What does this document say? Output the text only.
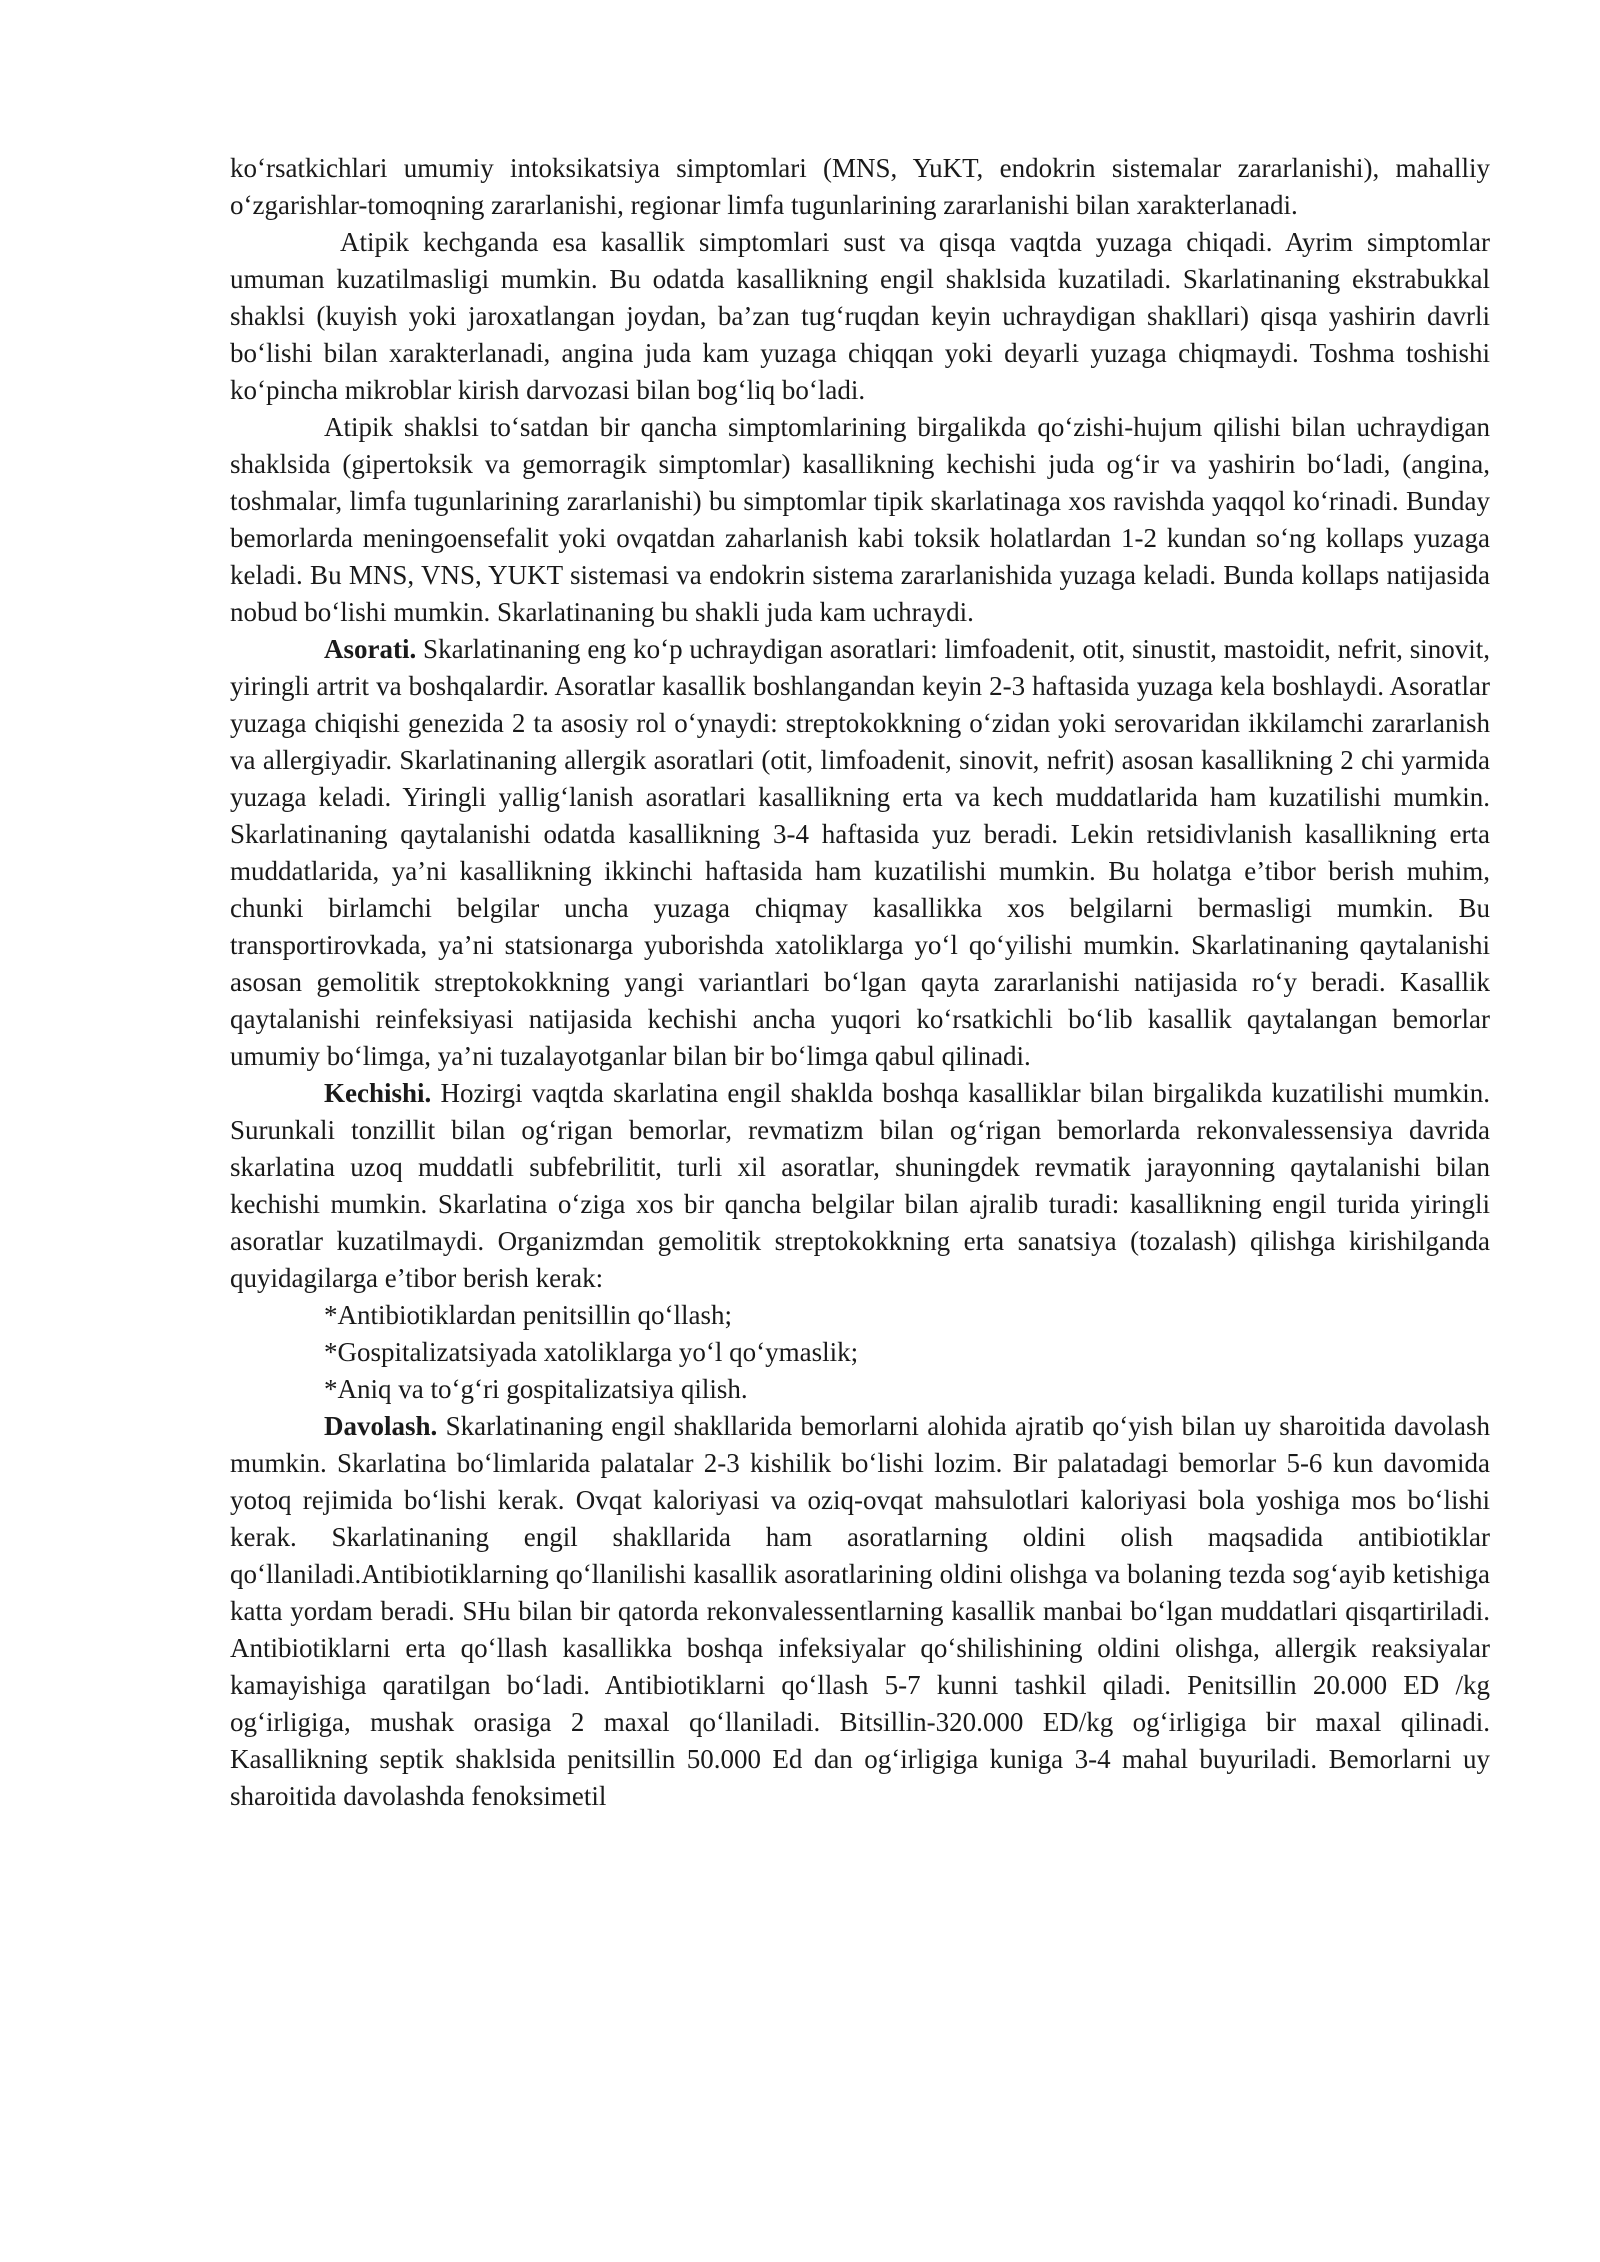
ko‘rsatkichlari umumiy intoksikatsiya simptomlari (MNS, YuKT, endokrin sistemalar zararlanishi), mahalliy o‘zgarishlar-tomoqning zararlanishi, regionar limfa tugunlarining zararlanishi bilan xarakterlanadi.

Atipik kechganda esa kasallik simptomlari sust va qisqa vaqtda yuzaga chiqadi. Ayrim simptomlar umuman kuzatilmasligi mumkin. Bu odatda kasallikning engil shaklsida kuzatiladi. Skarlatinaning ekstrabukkal shaklsi (kuyish yoki jaroxatlangan joydan, ba’zan tug‘ruqdan keyin uchraydigan shakllari) qisqa yashirin davrli bo‘lishi bilan xarakterlanadi, angina juda kam yuzaga chiqqan yoki deyarli yuzaga chiqmaydi. Toshma toshishi ko‘pincha mikroblar kirish darvozasi bilan bog‘liq bo‘ladi.

Atipik shaklsi to‘satdan bir qancha simptomlarining birgalikda qo‘zishi-hujum qilishi bilan uchraydigan shaklsida (gipertoksik va gemorragik simptomlar) kasallikning kechishi juda og‘ir va yashirin bo‘ladi, (angina, toshmalar, limfa tugunlarining zararlanishi) bu simptomlar tipik skarlatinaga xos ravishda yaqqol ko‘rinadi. Bunday bemorlarda meningoensefalit yoki ovqatdan zaharlanish kabi toksik holatlardan 1-2 kundan so‘ng kollaps yuzaga keladi. Bu MNS, VNS, YUKT sistemasi va endokrin sistema zararlanishida yuzaga keladi. Bunda kollaps natijasida nobud bo‘lishi mumkin. Skarlatinaning bu shakli juda kam uchraydi.

Asorati. Skarlatinaning eng ko‘p uchraydigan asoratlari: limfoadenit, otit, sinustit, mastoidit, nefrit, sinovit, yiringli artrit va boshqalardir. Asoratlar kasallik boshlangandan keyin 2-3 haftasida yuzaga kela boshlaydi. Asoratlar yuzaga chiqishi genezida 2 ta asosiy rol o‘ynaydi: streptokokkning o‘zidan yoki serovaridan ikkilamchi zararlanish va allergiyadir. Skarlatinaning allergik asoratlari (otit, limfoadenit, sinovit, nefrit) asosan kasallikning 2 chi yarmida yuzaga keladi. Yiringli yallig‘lanish asoratlari kasallikning erta va kech muddatlarida ham kuzatilishi mumkin. Skarlatinaning qaytalanishi odatda kasallikning 3-4 haftasida yuz beradi. Lekin retsidivlanish kasallikning erta muddatlarida, ya’ni kasallikning ikkinchi haftasida ham kuzatilishi mumkin. Bu holatga e’tibor berish muhim, chunki birlamchi belgilar uncha yuzaga chiqmay kasallikka xos belgilarni bermasligi mumkin. Bu transportirovkada, ya’ni statsionarga yuborishda xatoliklarga yo‘l qo‘yilishi mumkin. Skarlatinaning qaytalanishi asosan gemolitik streptokokkning yangi variantlari bo‘lgan qayta zararlanishi natijasida ro‘y beradi. Kasallik qaytalanishi reinfeksiyasi natijasida kechishi ancha yuqori ko‘rsatkichli bo‘lib kasallik qaytalangan bemorlar umumiy bo‘limga, ya’ni tuzalayotganlar bilan bir bo‘limga qabul qilinadi.

Kechishi. Hozirgi vaqtda skarlatina engil shakldа boshqa kasalliklar bilan birgalikda kuzatilishi mumkin. Surunkali tonzillit bilan og‘rigan bemorlar, revmatizm bilan og‘rigan bemorlarda rekonvalessensiya davrida skarlatina uzoq muddatli subfebrilitit, turli xil asoratlar, shuningdek revmatik jarayonning qaytalanishi bilan kechishi mumkin. Skarlatina o‘ziga xos bir qancha belgilar bilan ajralib turadi: kasallikning engil turida yiringli asoratlar kuzatilmaydi. Organizmdan gemolitik streptokokkning erta sanatsiya (tozalash) qilishga kirishilganda quyidagilarga e’tibor berish kerak:

*Antibiotiklardan penitsillin qo‘llash;
*Gospitalizatsiyada xatoliklarga yo‘l qo‘ymaslik;
*Aniq va to‘g‘ri gospitalizatsiya qilish.

Davolash. Skarlatinaning engil shakllarida bemorlarni alohida ajratib qo‘yish bilan uy sharoitida davolash mumkin. Skarlatina bo‘limlarida palatalar 2-3 kishilik bo‘lishi lozim. Bir palatadagi bemorlar 5-6 kun davomida yotoq rejimida bo‘lishi kerak. Ovqat kaloriyasi va oziq-ovqat mahsulotlari kaloriyasi bola yoshiga mos bo‘lishi kerak. Skarlatinaning engil shakllarida ham asoratlarning oldini olish maqsadida antibiotiklar qo‘llaniladi.Antibiotiklarning qo‘llanilishi kasallik asoratlarining oldini olishga va bolaning tezda sog‘ayib ketishiga katta yordam beradi. SHu bilan bir qatorda rekonvalessentlarning kasallik manbai bo‘lgan muddatlari qisqartiriladi. Antibiotiklarni erta qo‘llash kasallikka boshqa infeksiyalar qo‘shilishining oldini olishga, allergik reaksiyalar kamayishiga qaratilgan bo‘ladi. Antibiotiklarni qo‘llash 5-7 kunni tashkil qiladi. Penitsillin 20.000 ED /kg og‘irligiga, mushak orasiga 2 maxal qo‘llaniladi. Bitsillin-320.000 ED/kg og‘irligiga bir maxal qilinadi. Kasallikning septik shaklsida penitsillin 50.000 Ed dan og‘irligiga kuniga 3-4 mahal buyuriladi. Bemorlarni uy sharoitida davolashda fenoksimetil
